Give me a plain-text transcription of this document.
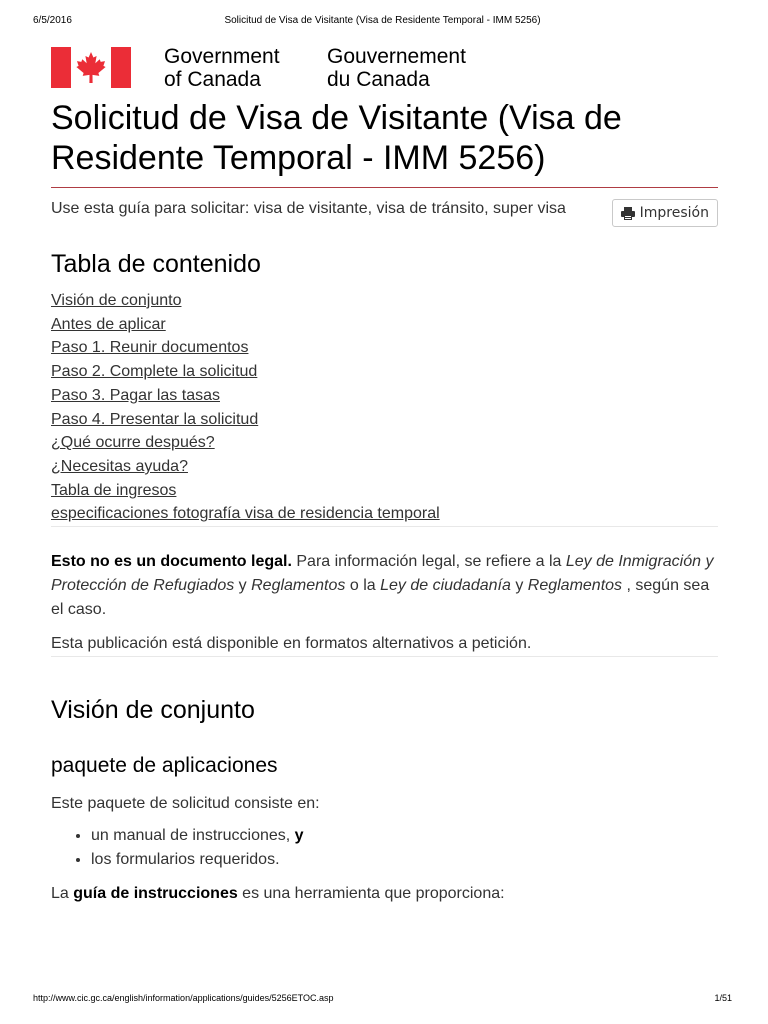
6/5/2016	Solicitud de Visa de Visitante (Visa de Residente Temporal - IMM 5256)
Government
of Canada
Gouvernement
du Canada
Solicitud de Visa de Visitante (Visa de Residente Temporal - IMM 5256)
Use esta guía para solicitar: visa de visitante, visa de tránsito, super visa	Impresión
Tabla de contenido
Visión de conjunto
Antes de aplicar
Paso 1. Reunir documentos
Paso 2. Complete la solicitud
Paso 3. Pagar las tasas
Paso 4. Presentar la solicitud
¿Qué ocurre después?
¿Necesitas ayuda?
Tabla de ingresos
especificaciones fotografía visa de residencia temporal

Esto no es un documento legal. Para información legal, se refiere a la Ley de Inmigración y Protección de Refugiados y Reglamentos o la Ley de ciudadanía y Reglamentos , según sea el caso.

Esta publicación está disponible en formatos alternativos a petición.

Visión de conjunto
paquete de aplicaciones

Este paquete de solicitud consiste en:

• un manual de instrucciones, y
• los formularios requeridos.

La guía de instrucciones es una herramienta que proporciona:

http://www.cic.gc.ca/english/information/applications/guides/5256ETOC.asp	1/51
